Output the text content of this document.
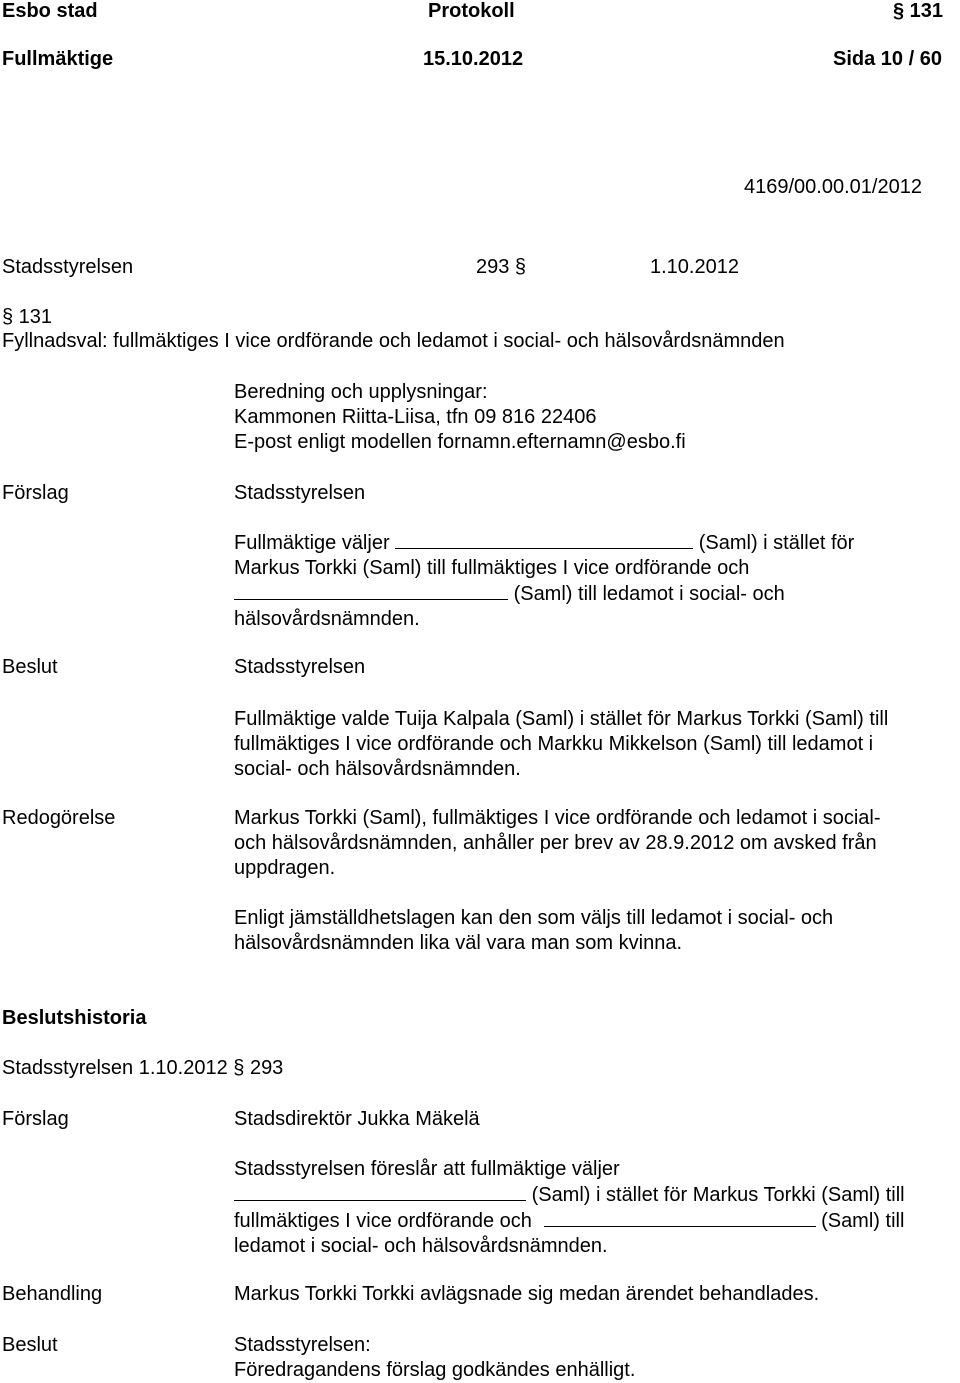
Esbo stad	Protokoll	§ 131
Fullmäktige	15.10.2012	Sida 10 / 60
4169/00.00.01/2012
Stadsstyrelsen	293 §	1.10.2012
§ 131
Fyllnadsval: fullmäktiges I vice ordförande och ledamot i social- och hälsovårdsnämnden
Beredning och upplysningar:
Kammonen Riitta-Liisa, tfn 09 816 22406
E-post enligt modellen fornamn.efternamn@esbo.fi
Förslag	Stadsstyrelsen
Fullmäktige väljer	(Saml) i stället för
Markus Torkki (Saml) till fullmäktiges I vice ordförande och
(Saml) till ledamot i social- och
hälsovårdsnämnden.
Beslut	Stadsstyrelsen
Fullmäktige valde Tuija Kalpala (Saml) i stället för Markus Torkki (Saml) till
fullmäktiges I vice ordförande och Markku Mikkelson (Saml) till ledamot i
social- och hälsovårdsnämnden.
Redogörelse	Markus Torkki (Saml), fullmäktiges I vice ordförande och ledamot i social-
och hälsovårdsnämnden, anhåller per brev av 28.9.2012 om avsked från
uppdragen.
Enligt jämställdhetslagen kan den som väljs till ledamot i social- och
hälsovårdsnämnden lika väl vara man som kvinna.
Beslutshistoria
Stadsstyrelsen 1.10.2012 § 293
Förslag	Stadsdirektör Jukka Mäkelä
Stadsstyrelsen föreslår att fullmäktige väljer
(Saml) i stället för Markus Torkki (Saml) till
fullmäktiges I vice ordförande och	(Saml) till
ledamot i social- och hälsovårdsnämnden.
Behandling	Markus Torkki Torkki avlägsnade sig medan ärendet behandlades.
Beslut	Stadsstyrelsen:
Föredragandens förslag godkändes enhälligt.
